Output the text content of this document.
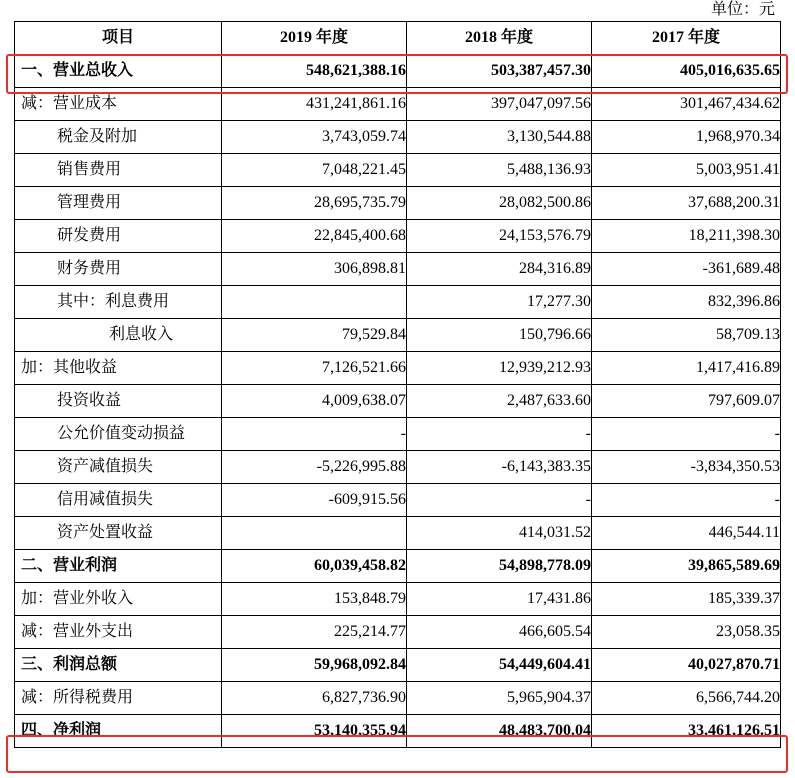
单位：元
项目	2019 年度	2018 年度	2017 年度
一、营业总收入	548,621,388.16	503,387,457.30	405,016,635.65
减：营业成本	431,241,861.16	397,047,097.56	301,467,434.62
税金及附加	3,743,059.74	3,130,544.88	1,968,970.34
销售费用	7,048,221.45	5,488,136.93	5,003,951.41
管理费用	28,695,735.79	28,082,500.86	37,688,200.31
研发费用	22,845,400.68	24,153,576.79	18,211,398.30
财务费用	306,898.81	284,316.89	-361,689.48
其中：利息费用		17,277.30	832,396.86
利息收入	79,529.84	150,796.66	58,709.13
加：其他收益	7,126,521.66	12,939,212.93	1,417,416.89
投资收益	4,009,638.07	2,487,633.60	797,609.07
公允价值变动损益	-	-	-
资产减值损失	-5,226,995.88	-6,143,383.35	-3,834,350.53
信用减值损失	-609,915.56	-	-
资产处置收益		414,031.52	446,544.11
二、营业利润	60,039,458.82	54,898,778.09	39,865,589.69
加：营业外收入	153,848.79	17,431.86	185,339.37
减：营业外支出	225,214.77	466,605.54	23,058.35
三、利润总额	59,968,092.84	54,449,604.41	40,027,870.71
减：所得税费用	6,827,736.90	5,965,904.37	6,566,744.20
四、净利润	53,140,355.94	48,483,700.04	33,461,126.51
